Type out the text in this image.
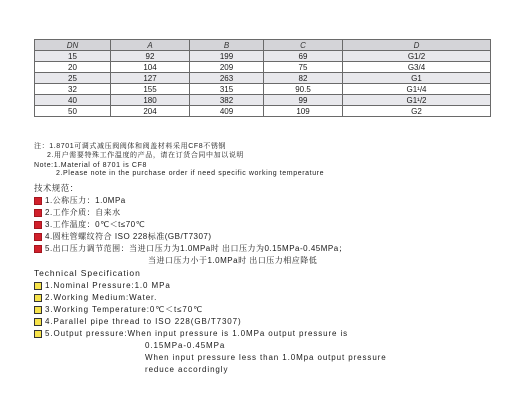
DN	A	B	C	D
15	92	199	69	G1/2
20	104	209	75	G3/4
25	127	263	82	G1
32	155	315	90.5	G1¹/4
40	180	382	99	G1¹/2
50	204	409	109	G2
注：1.8701可调式减压阀阀体和阀盖材料采用CF8不锈钢
2.用户需要特殊工作温度的产品，请在订货合同中加以说明
Note:1.Material of 8701 is CF8
2.Please note in the purchase order if need specific working temperature
技术规范：
1.公称压力：1.0MPa
2.工作介质：自来水
3.工作温度：0℃＜t≤70℃
4.圆柱管螺纹符合 ISO 228标准(GB/T7307)
5.出口压力调节范围：当进口压力为1.0MPa时 出口压力为0.15MPa-0.45MPa；
当进口压力小于1.0MPa时 出口压力相应降低
Technical Specification
1.Nominal Pressure:1.0 MPa
2.Working Medium:Water.
3.Working Temperature:0℃＜t≤70℃
4.Parallel pipe thread to ISO 228(GB/T7307)
5.Output pressure:When input pressure is 1.0MPa output pressure is
0.15MPa-0.45MPa
When input pressure less than 1.0Mpa output pressure
reduce accordingly
